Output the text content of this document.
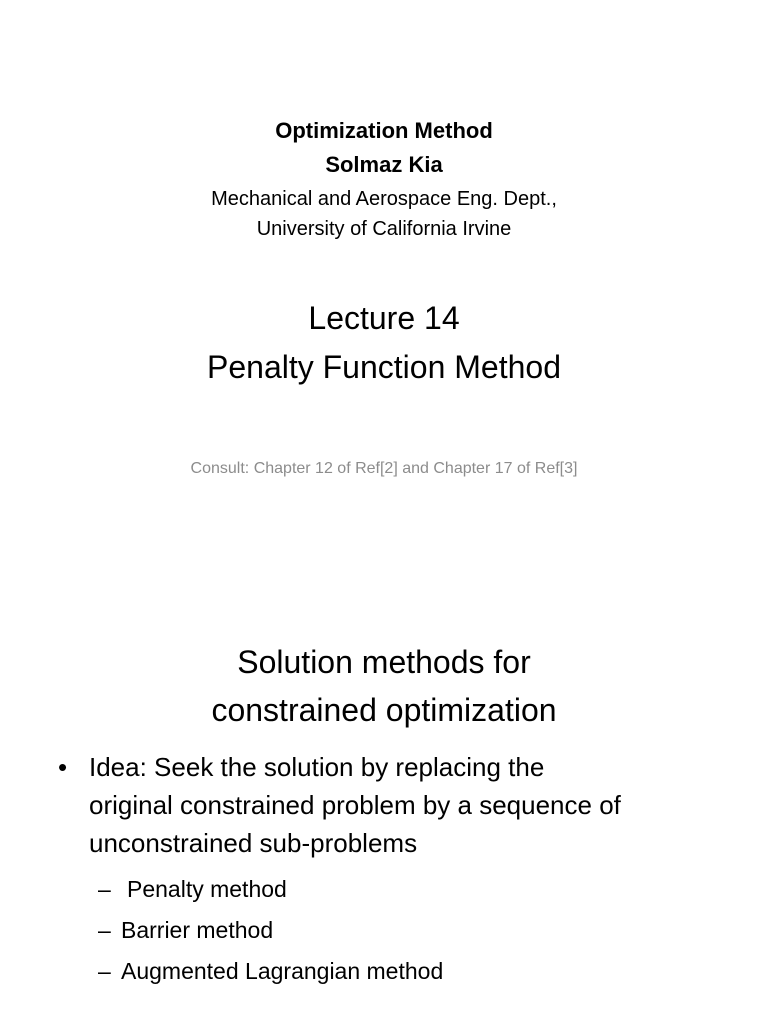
Optimization Method
Solmaz Kia
Mechanical and Aerospace Eng. Dept.,
University of California Irvine
Lecture 14
Penalty Function Method
Consult: Chapter 12 of Ref[2] and Chapter 17 of Ref[3]
Solution methods for
constrained optimization
• Idea: Seek the solution by replacing the
original constrained problem by a sequence of
unconstrained sub-problems
– Penalty method
– Barrier method
– Augmented Lagrangian method
